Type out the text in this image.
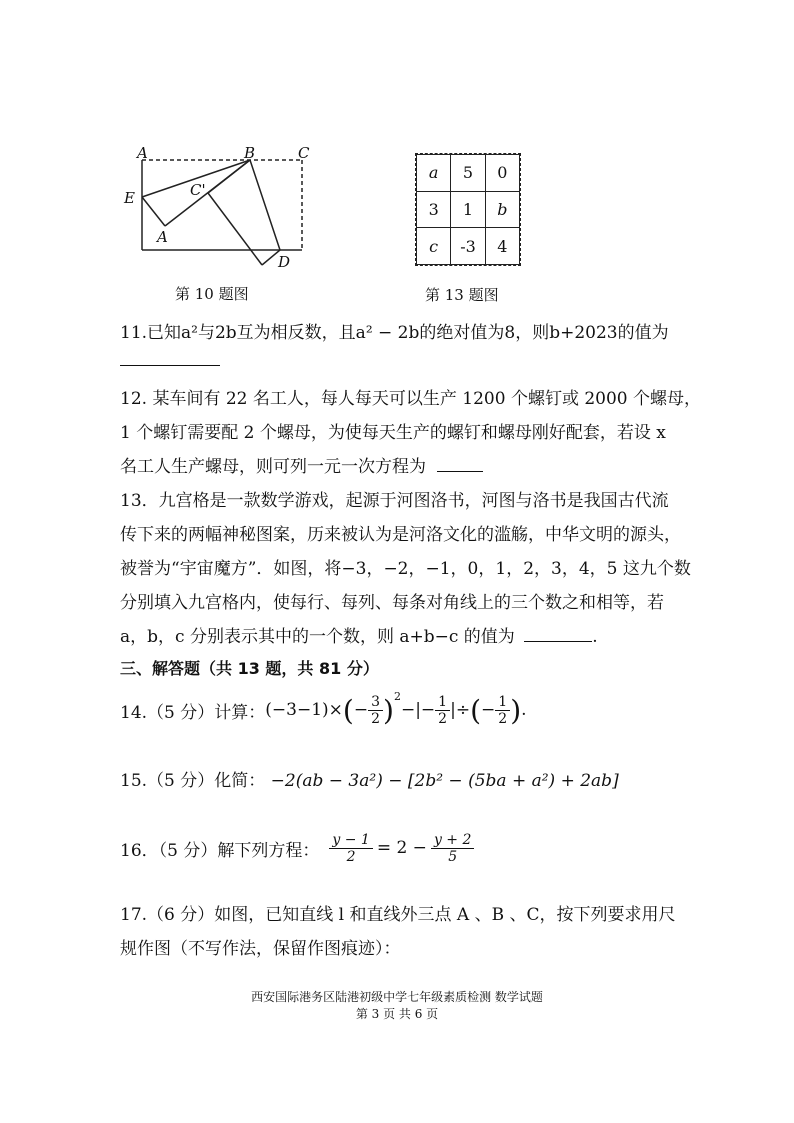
A	B	C
E	C'
A
D
第 10 题图
a	5	0
3	1	b
c	-3	4
第 13 题图
11.已知a²与2b互为相反数，且a² − 2b的绝对值为8，则b+2023的值为
12. 某车间有 22 名工人，每人每天可以生产 1200 个螺钉或 2000 个螺母，
1 个螺钉需要配 2 个螺母，为使每天生产的螺钉和螺母刚好配套，若设 x
名工人生产螺母，则可列一元一次方程为
13．九宫格是一款数学游戏，起源于河图洛书，河图与洛书是我国古代流
传下来的两幅神秘图案，历来被认为是河洛文化的滥觞，中华文明的源头，
被誉为“宇宙魔方”．如图，将−3，−2，−1，0，1，2，3，4，5 这九个数
分别填入九宫格内，使每行、每列、每条对角线上的三个数之和相等，若
a，b，c 分别表示其中的一个数，则 a+b−c 的值为	.
三、解答题（共 13 题，共 81 分）
14.（5 分）计算： (−3−1)× ( − $\frac{3}{2} )^2$
−|− $\frac{1}{2}$ |÷ ( − $\frac{1}{2}$ ) .
15.（5 分）化简： −2(ab − 3a²) − [2b² − (5ba + a²) + 2ab]
16．（5 分）解下列方程： $\frac{y - 1}{2} = 2 - \frac{y + 2}{5}$
17.（6 分）如图，已知直线 l 和直线外三点 A 、B 、C，按下列要求用尺
规作图（不写作法，保留作图痕迹）：
西安国际港务区陆港初级中学七年级素质检测 数学试题
第 3 页 共 6 页
